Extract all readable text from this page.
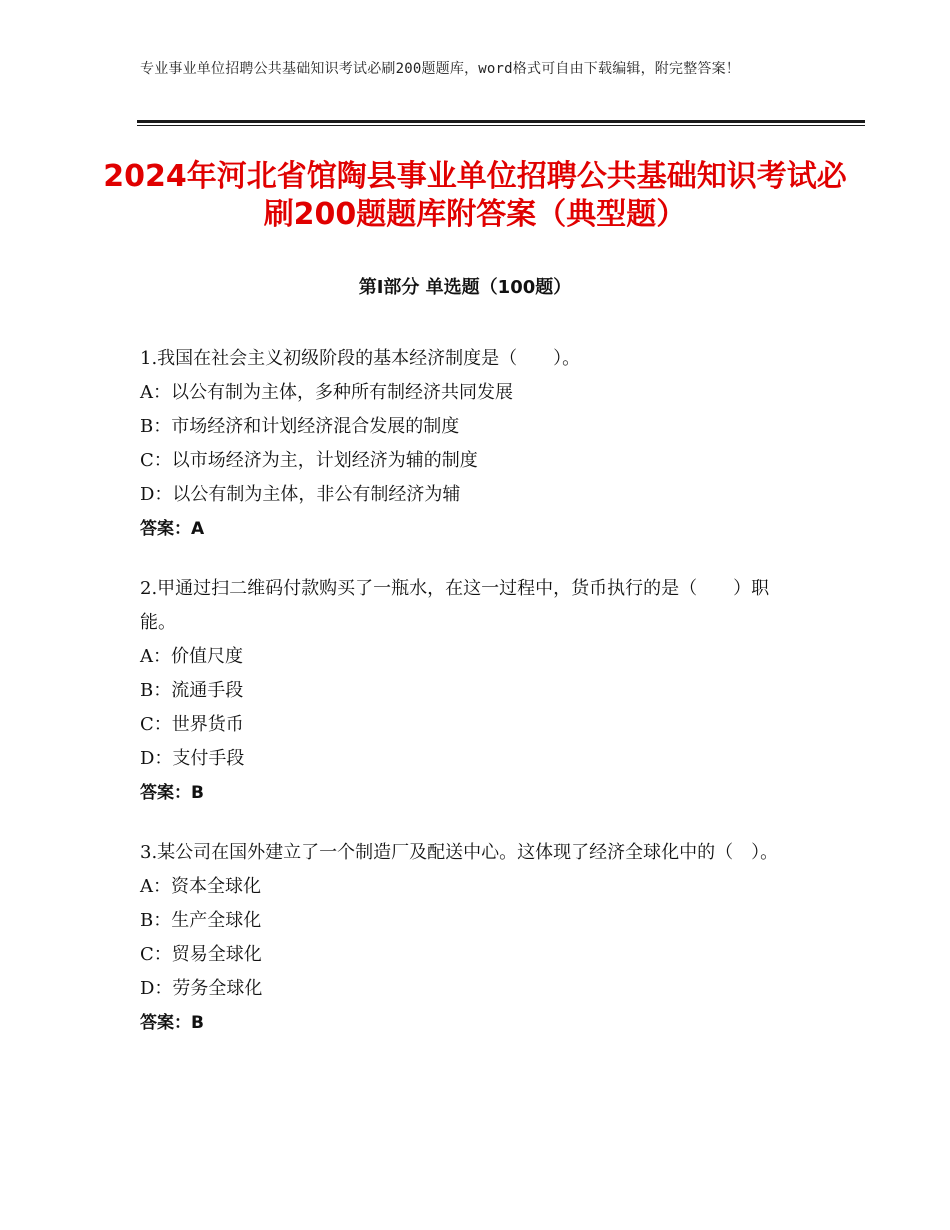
专业事业单位招聘公共基础知识考试必刷200题题库，word格式可自由下载编辑，附完整答案！
2024年河北省馆陶县事业单位招聘公共基础知识考试必刷200题题库附答案（典型题）
第Ⅰ部分 单选题（100题）
1.我国在社会主义初级阶段的基本经济制度是（　　）。
A：以公有制为主体，多种所有制经济共同发展
B：市场经济和计划经济混合发展的制度
C：以市场经济为主，计划经济为辅的制度
D：以公有制为主体，非公有制经济为辅
答案：A
2.甲通过扫二维码付款购买了一瓶水，在这一过程中，货币执行的是（　　）职能。
A：价值尺度
B：流通手段
C：世界货币
D：支付手段
答案：B
3.某公司在国外建立了一个制造厂及配送中心。这体现了经济全球化中的（　）。
A：资本全球化
B：生产全球化
C：贸易全球化
D：劳务全球化
答案：B
